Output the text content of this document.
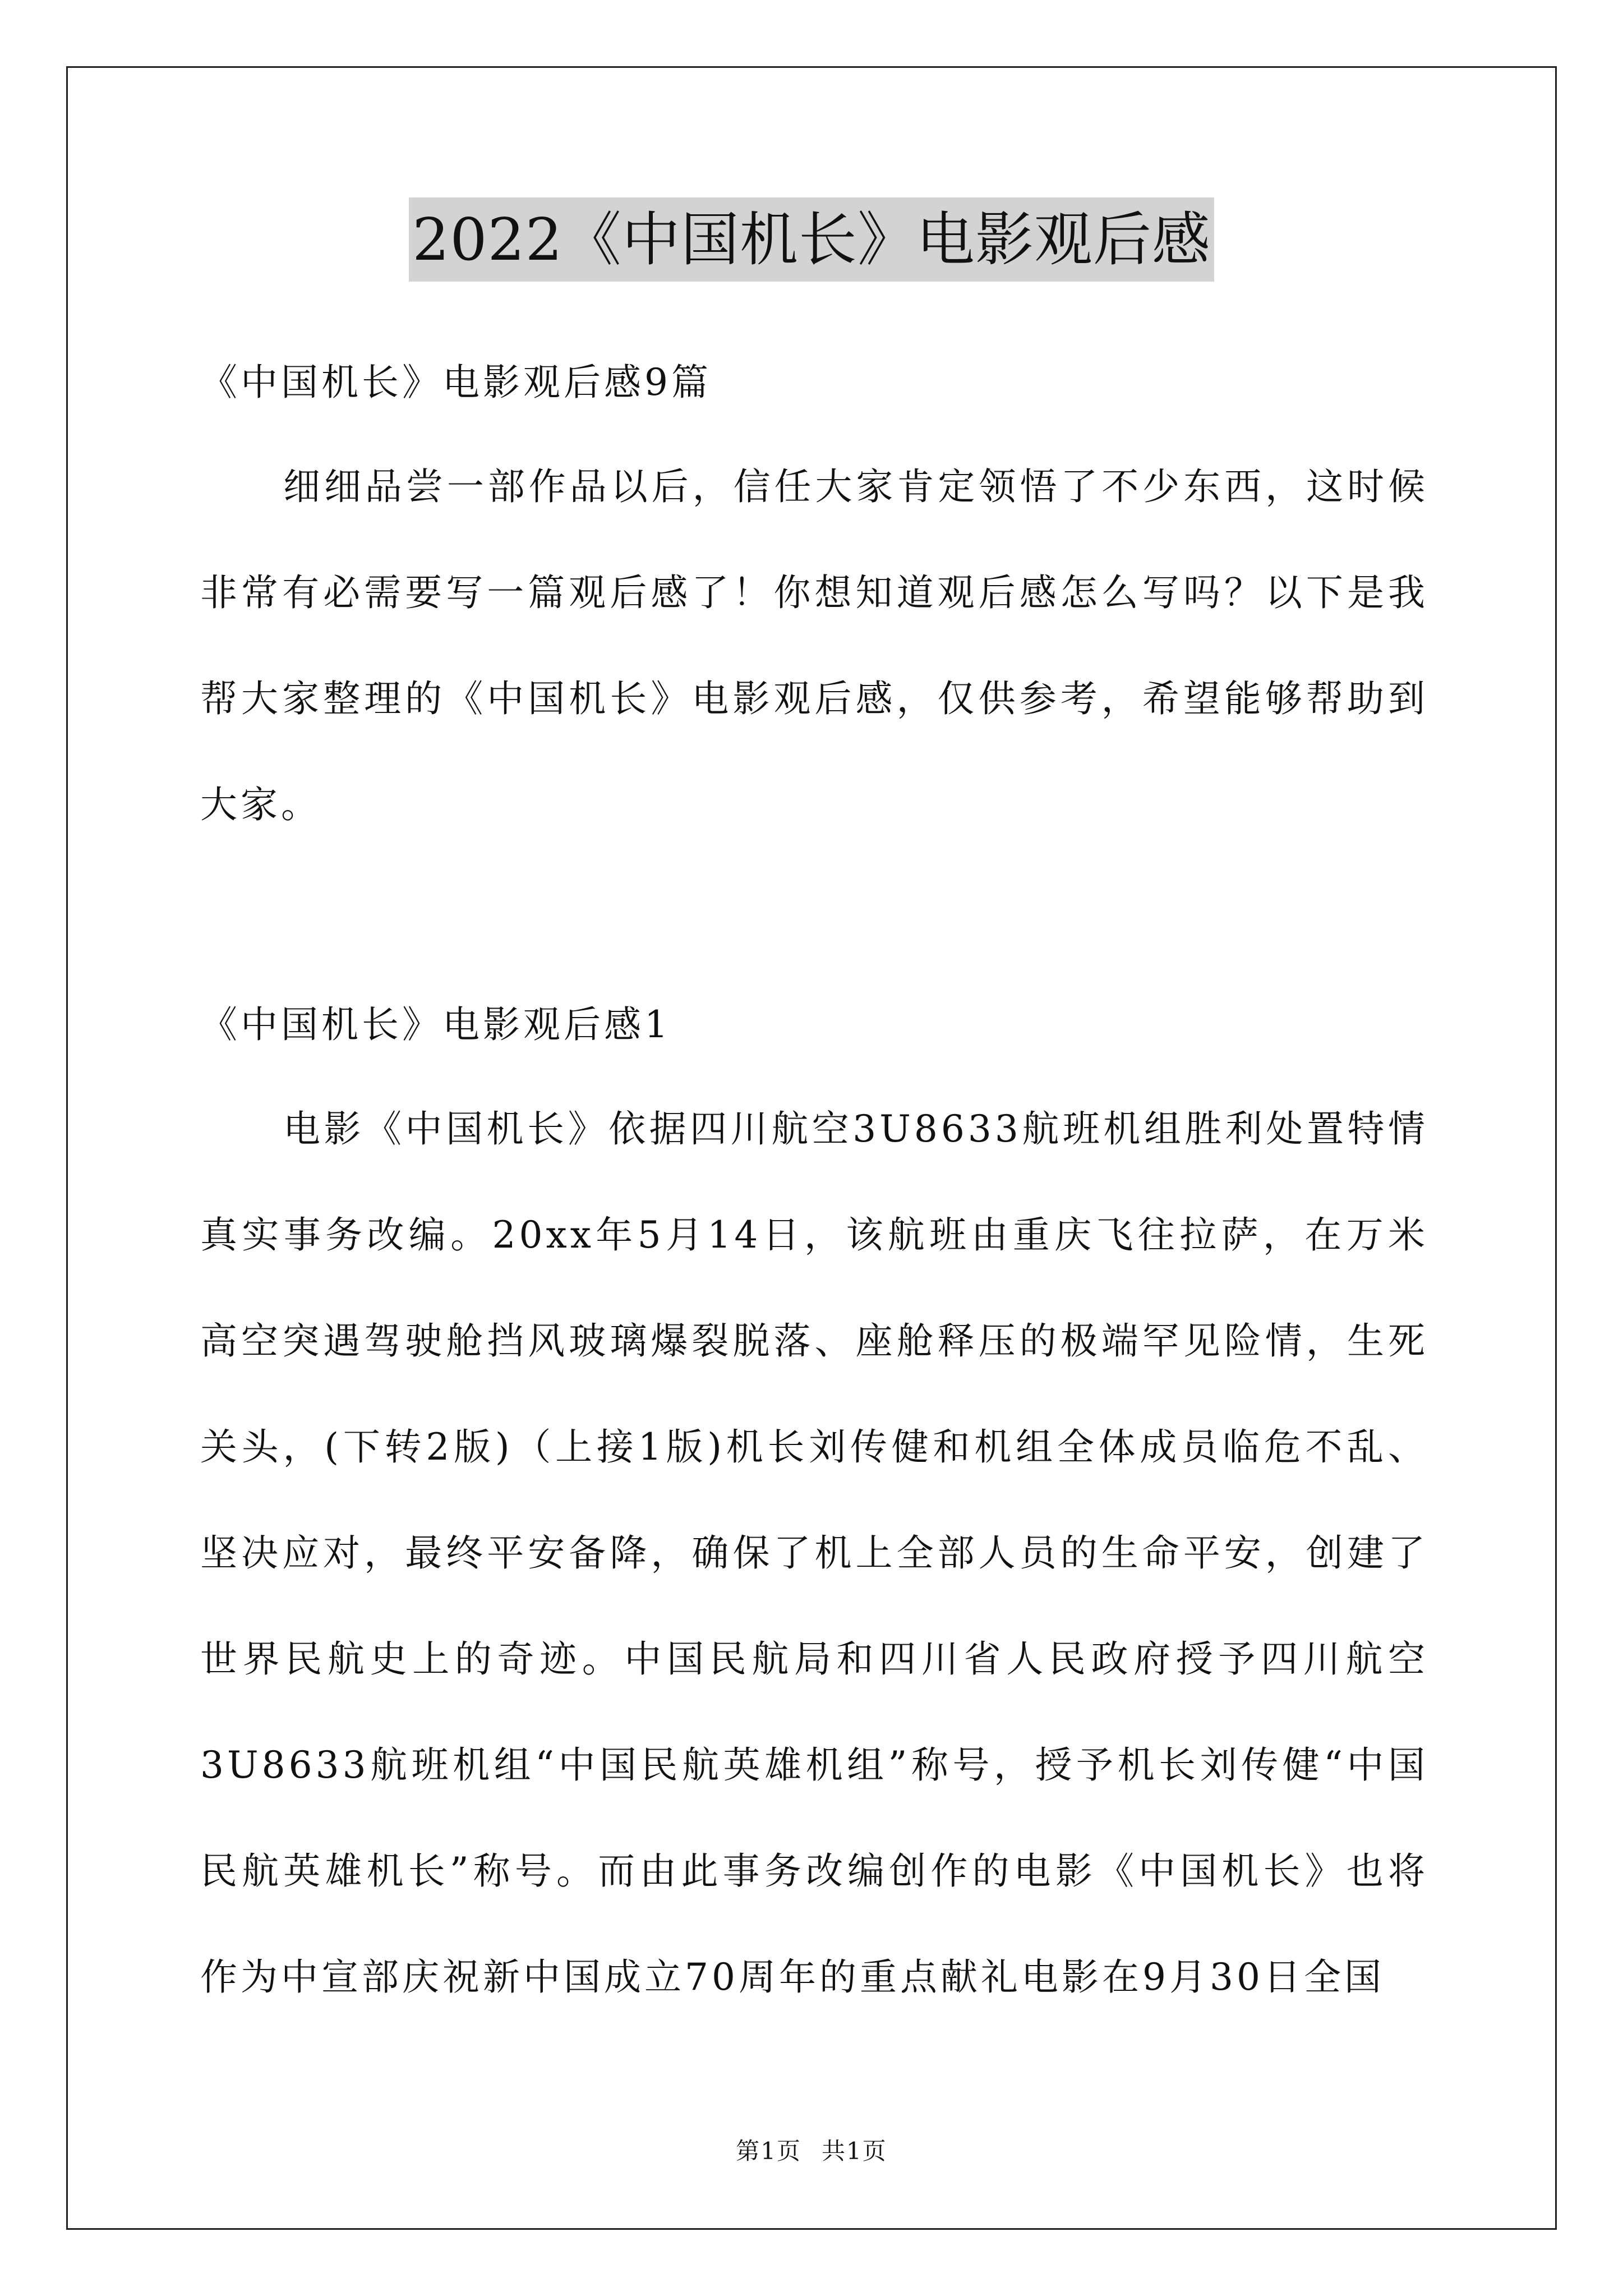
2022《中国机长》电影观后感

《中国机长》电影观后感9篇

细细品尝一部作品以后，信任大家肯定领悟了不少东西，这时候非常有必需要写一篇观后感了！你想知道观后感怎么写吗？以下是我帮大家整理的《中国机长》电影观后感，仅供参考，希望能够帮助到大家。

《中国机长》电影观后感1

电影《中国机长》依据四川航空3U8633航班机组胜利处置特情真实事务改编。20xx年5月14日，该航班由重庆飞往拉萨，在万米高空突遇驾驶舱挡风玻璃爆裂脱落、座舱释压的极端罕见险情，生死关头，(下转2版)（上接1版)机长刘传健和机组全体成员临危不乱、坚决应对，最终平安备降，确保了机上全部人员的生命平安，创建了世界民航史上的奇迹。中国民航局和四川省人民政府授予四川航空3U8633航班机组“中国民航英雄机组”称号，授予机长刘传健“中国民航英雄机长”称号。而由此事务改编创作的电影《中国机长》也将作为中宣部庆祝新中国成立70周年的重点献礼电影在9月30日全国

第1页 共1页
